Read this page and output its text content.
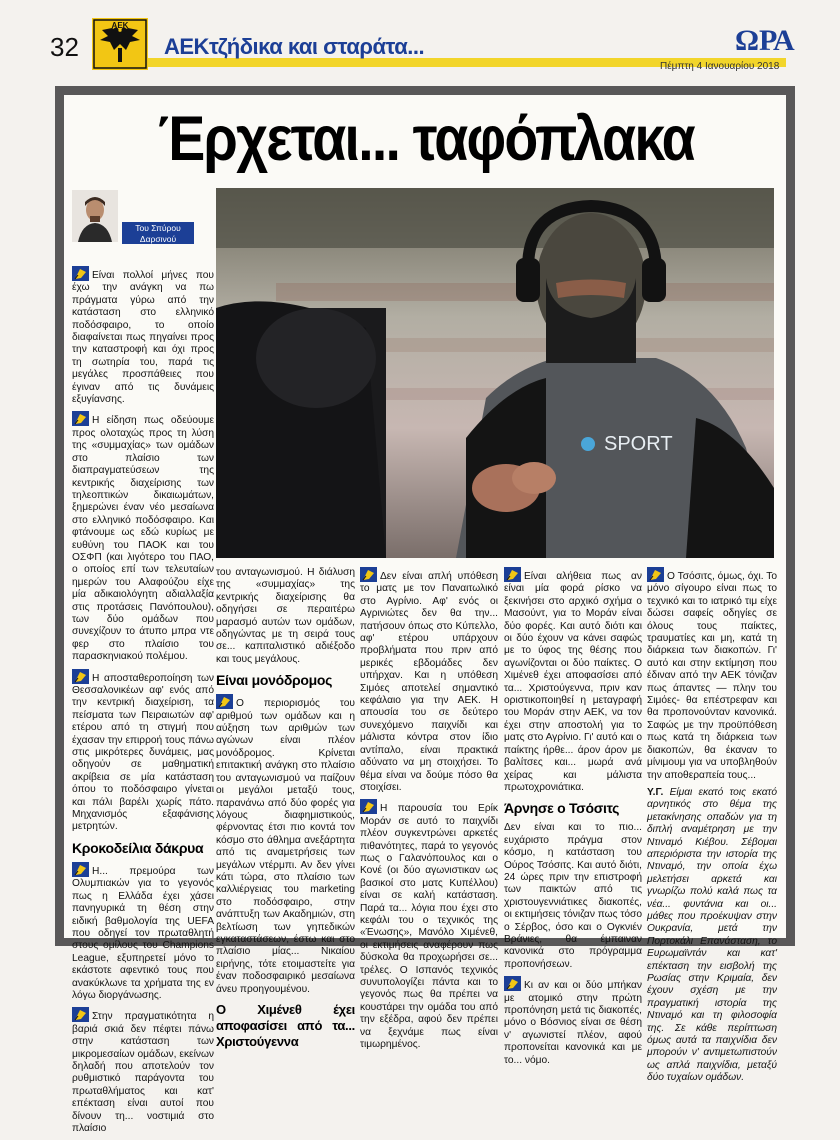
32
AEK
ΑΕΚτζήδικα και σταράτα...	ΩΡΑ
Πέμπτη 4 Ιανουαρίου 2018
Έρχεται... ταφόπλακα
Του Σπύρου
Δαρσινού
SPORT

Είναι πολλοί μήνες που έχω την ανάγκη να πω πράγματα γύρω από την κατάσταση στο ελληνικό ποδόσφαιρο, το οποίο διαφαίνεται πως πηγαίνει προς την καταστροφή και όχι προς τη σωτηρία του, παρά τις μεγάλες προσπάθειες που έγιναν από τις δυνάμεις εξυγίανσης.

Η είδηση πως οδεύουμε προς ολοταχώς προς τη λύση της «συμμαχίας» των ομάδων στο πλαίσιο των διαπραγματεύσεων της κεντρικής διαχείρισης των τηλεοπτικών δικαιωμάτων, ξημερώνει έναν νέο μεσαίωνα στο ελληνικό ποδόσφαιρο. Και φτάνουμε ως εδώ κυρίως με ευθύνη του ΠΑΟΚ και του ΟΣΦΠ (και λιγότερο του ΠΑΟ, ο οποίος επί των τελευταίων ημερών του Αλαφούζου είχε μία αδικαιολόγητη αδιαλλαξία στις προτάσεις Πανόπουλου), των δύο ομάδων που συνεχίζουν το άτυπο μπρα ντε φερ στο πλαίσιο του παρασκηνιακού πολέμου.

Η αποσταθεροποίηση των Θεσσαλονικέων αφ' ενός από την κεντρική διαχείριση, τα πείσματα των Πειραιωτών αφ' ετέρου από τη στιγμή που έχασαν την επιρροή τους πάνω στις μικρότερες δυνάμεις, μας οδηγούν σε μαθηματική ακρίβεια σε μία κατάσταση όπου το ποδόσφαιρο γίνεται και πάλι βαρέλι χωρίς πάτο. Μηχανισμός εξαφάνισης μετρητών.

Κροκοδείλια δάκρυα

Η... πρεμούρα των Ολυμπιακών για το γεγονός πως η Ελλάδα έχει χάσει πανηγυρικά τη θέση στην ειδική βαθμολογία της UEFA που οδηγεί τον πρωταθλητή στους ομίλους του Champions League, εξυπηρετεί μόνο το εκάστοτε αφεντικό τους που ανακύκλωνε τα χρήματα της εν λόγω διοργάνωσης.

Στην πραγματικότητα η βαριά σκιά δεν πέφτει πάνω στην κατάσταση των μικρομεσαίων ομάδων, εκείνων δηλαδή που αποτελούν τον ρυθμιστικό παράγοντα του πρωταθλήματος και κατ' επέκταση είναι αυτοί που δίνουν τη... νοστιμιά στο πλαίσιο

του ανταγωνισμού. Η διάλυση της «συμμαχίας» της κεντρικής διαχείρισης θα οδηγήσει σε περαιτέρω μαρασμό αυτών των ομάδων, οδηγώντας με τη σειρά τους σε... καπιταλιστικό αδιέξοδο και τους μεγάλους.

Είναι μονόδρομος

Ο περιορισμός του αριθμού των ομάδων και η αύξηση των αριθμών των αγώνων είναι πλέον μονόδρομος. Κρίνεται επιτακτική ανάγκη στο πλαίσιο του ανταγωνισμού να παίζουν οι μεγάλοι μεταξύ τους, παρανάνω από δύο φορές για λόγους διαφημιστικούς, φέρνοντας έτσι πιο κοντά τον κόσμο στο άθλημα ανεξάρτητα από τις αναμετρήσεις των μεγάλων ντέρμπι. Αν δεν γίνει κάτι τώρα, στο πλαίσιο των καλλιέργειας του marketing στο ποδόσφαιρο, στην ανάπτυξη των Ακαδημιών, στη βελτίωση των γηπεδικών εγκαταστάσεων, έστω και στο πλαίσιο μίας... Νικαίου ειρήνης, τότε ετοιμαστείτε για έναν ποδοσφαιρικό μεσαίωνα άνευ προηγουμένου.

Ο Χιμένεθ έχει αποφασίσει από τα... Χριστούγεννα

Δεν είναι απλή υπόθεση το ματς με τον Παναιτωλικό στο Αγρίνιο. Αφ' ενός οι Αγρινιώτες δεν θα την... πατήσουν όπως στο Κύπελλο, αφ' ετέρου υπάρχουν προβλήματα που πριν από μερικές εβδομάδες δεν υπήρχαν. Και η υπόθεση Σιμόες αποτελεί σημαντικό κεφάλαιο για την ΑΕΚ. Η απουσία του σε δεύτερο συνεχόμενο παιχνίδι και μάλιστα κόντρα στον ίδιο αντίπαλο, είναι πρακτικά αδύνατο να μη στοιχήσει. Το θέμα είναι να δούμε πόσο θα στοιχίσει.

Η παρουσία του Ερίκ Μοράν σε αυτό το παιχνίδι πλέον συγκεντρώνει αρκετές πιθανότητες, παρά το γεγονός πως ο Γαλανόπουλος και ο Κονέ (οι δύο αγωνιστικαν ως βασικοί στο ματς Κυπέλλου) είναι σε καλή κατάσταση. Παρά τα... λόγια που έχει στο κεφάλι του ο τεχνικός της «Ένωσης», Μανόλο Χιμένεθ, οι εκτιμήσεις αναφέρουν πως δύσκολα θα προχωρήσει σε... τρέλες. Ο Ισπανός τεχνικός συνυπολογίζει πάντα και το γεγονός πως θα πρέπει να κουστάρει την ομάδα του από την εξέδρα, αφού δεν πρέπει να ξεχνάμε πως είναι τιμωρημένος.

Είναι αλήθεια πως αν είναι μία φορά ρίσκο να ξεκινήσει στο αρχικό σχήμα ο Μασούντ, για το Μοράν είναι δύο φορές. Και αυτό διότι και οι δύο έχουν να κάνει σαφώς με το ύφος της θέσης που αγωνίζονται οι δύο παίκτες. Ο Χιμένεθ έχει αποφασίσει από τα... Χριστούγεννα, πριν καν οριστικοποιηθεί η μεταγραφή του Μοράν στην ΑΕΚ, να τον έχει στην αποστολή για το ματς στο Αγρίνιο. Γι' αυτό και ο παίκτης ήρθε... άρον άρον με βαλίτσες και... μωρά ανά χείρας και μάλιστα πρωτοχρονιάτικα.

Άρνησε ο Τσόσιτς

Δεν είναι και το πιο... ευχάριστο πράγμα στον κόσμο, η κατάσταση του Ούρος Τσόσιτς. Και αυτό διότι, 24 ώρες πριν την επιστροφή των παικτών από τις χριστουγεννιάτικες διακοπές, οι εκτιμήσεις τόνιζαν πως τόσο ο Σέρβος, όσο και ο Ογκνιέν Βράνιες, θα έμπαιναν κανονικά στο πρόγραμμα προπονήσεων.

Κι αν και οι δύο μπήκαν με ατομικό στην πρώτη προπόνηση μετά τις διακοπές, μόνο ο Βόσνιος είναι σε θέση ν' αγωνιστεί πλέον, αφού προπονείται κανονικά και με το... νόμο.

Ο Τσόσιτς, όμως, όχι. Το μόνο σίγουρο είναι πως το τεχνικό και το ιατρικό τιμ είχε δώσει σαφείς οδηγίες σε όλους τους παίκτες, τραυματίες και μη, κατά τη διάρκεια των διακοπών. Γι' αυτό και στην εκτίμηση που έδιναν από την ΑΕΚ τόνιζαν πως άπαντες — πλην του Σιμόες- θα επέστρεφαν και θα προπονούνταν κανονικά. Σαφώς με την προϋπόθεση πως κατά τη διάρκεια των διακοπών, θα έκαναν το μίνιμουμ για να υποβληθούν την αποθεραπεία τους...

Υ.Γ. Είμαι εκατό τοις εκατό αρνητικός στο θέμα της μετακίνησης οπαδών για τη διπλή αναμέτρηση με την Ντιναμό Κιέβου. Σέβομαι απεριόριστα την ιστορία της Ντιναμό, την οποία έχω μελετήσει αρκετά και γνωρίζω πολύ καλά πως τα νέα... φυντάνια και οι... μάθες που προέκυψαν στην Ουκρανία, μετά την Πορτοκάλι Επανάσταση, το Ευρωμαϊντάν και κατ' επέκταση την εισβολή της Ρωσίας στην Κριμαία, δεν έχουν σχέση με την πραγματική ιστορία της Ντιναμό και τη φιλοσοφία της. Σε κάθε περίπτωση όμως αυτά τα παιχνίδια δεν μπορούν ν' αντιμετωπιστούν ως απλά παιχνίδια, μεταξύ δύο τυχαίων ομάδων.
